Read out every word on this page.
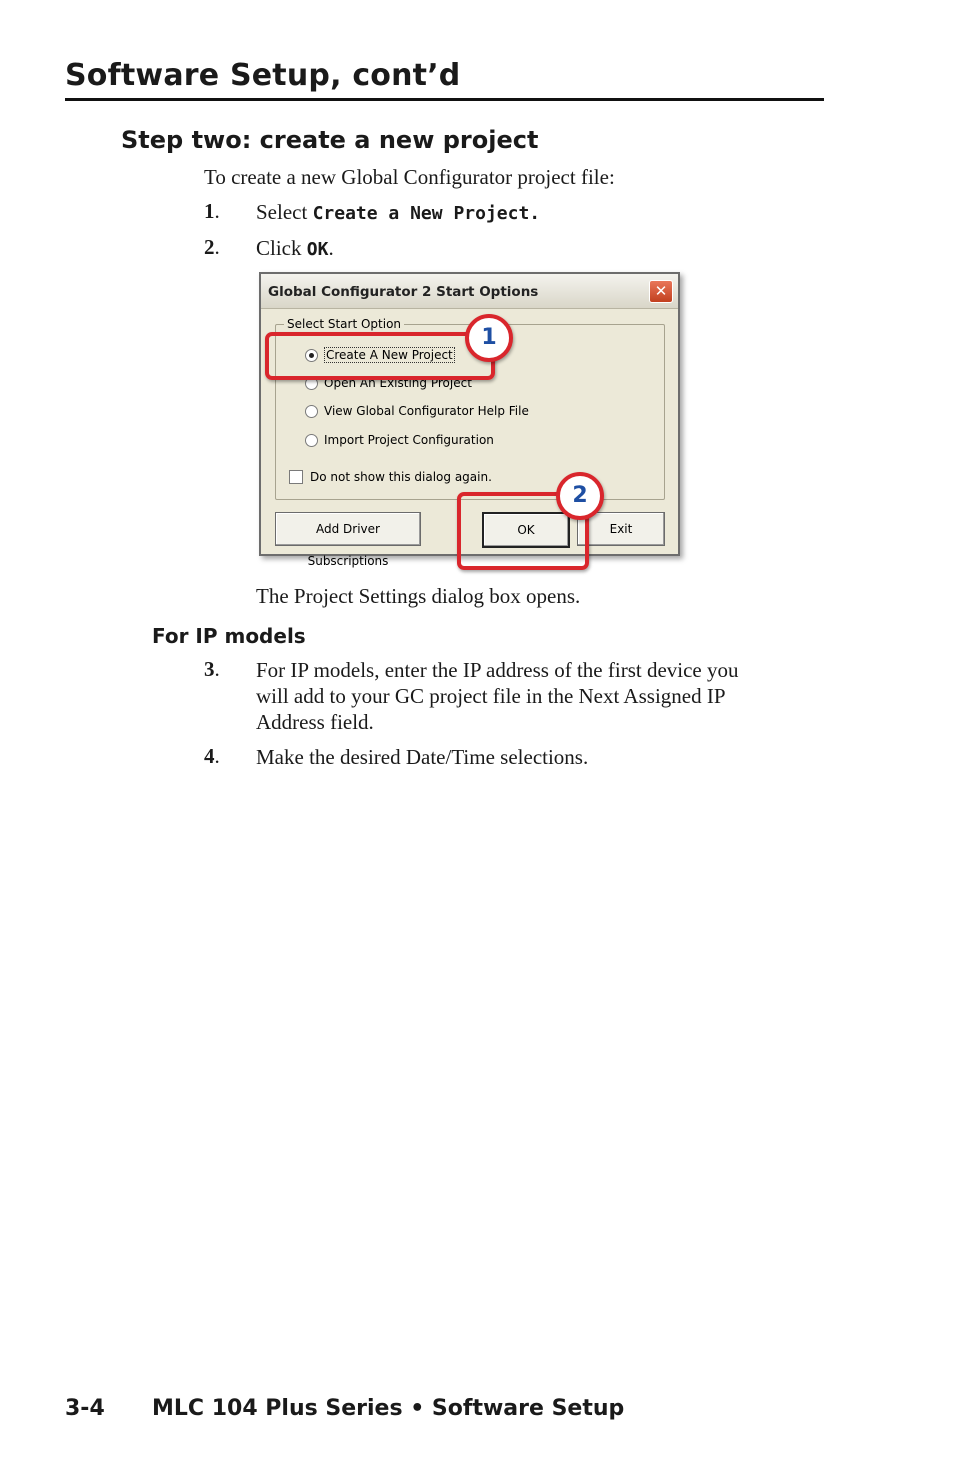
Software Setup, cont’d
Step two: create a new project
To create a new Global Configurator project file:
1. Select Create a New Project.
2. Click OK.
Global Configurator 2 Start Options	✕
Select Start Option
Create A New Project
Open An Existing Project
View Global Configurator Help File
Import Project Configuration
Do not show this dialog again.
Add Driver Subscriptions
OK	Exit
1
2
The Project Settings dialog box opens.
For IP models
3. For IP models, enter the IP address of the first device you
will add to your GC project file in the Next Assigned IP
Address field.
4. Make the desired Date/Time selections.
3-4 MLC 104 Plus Series • Software Setup
